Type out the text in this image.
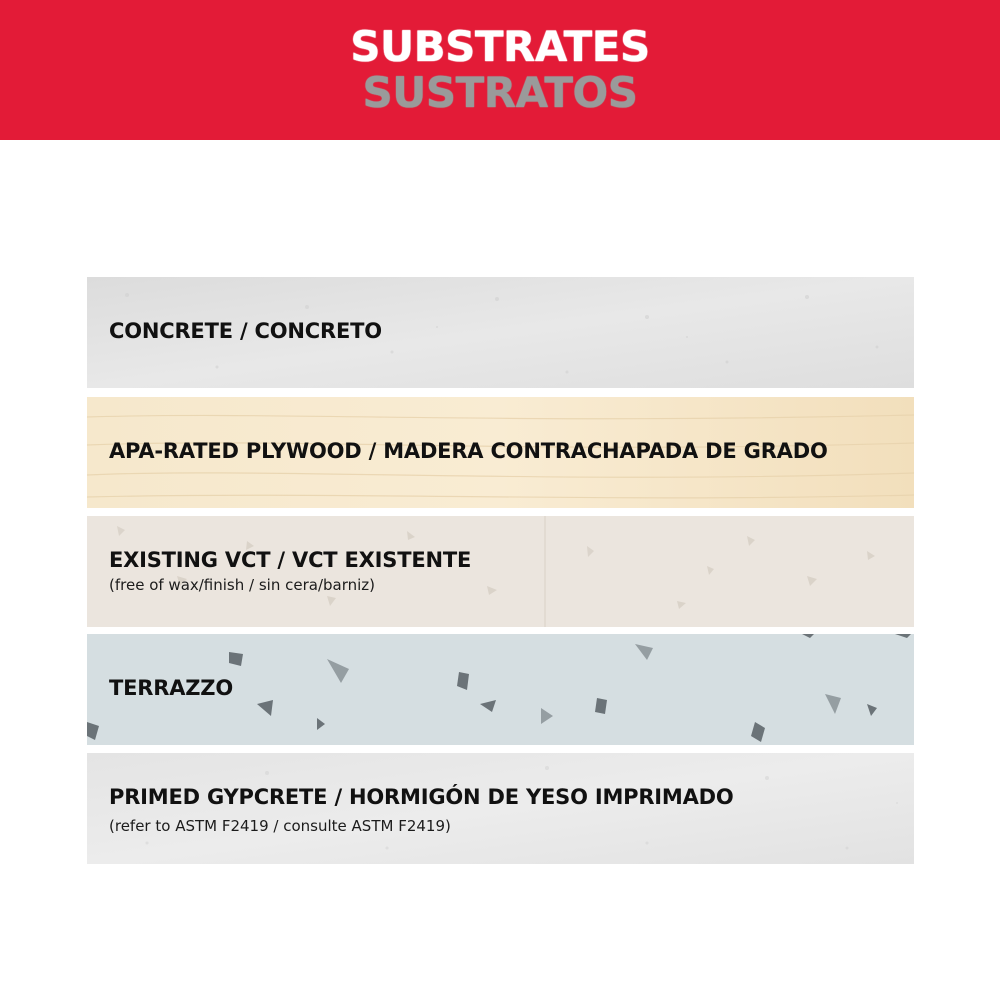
SUBSTRATES
SUSTRATOS
CONCRETE / CONCRETO
APA-RATED PLYWOOD / MADERA CONTRACHAPADA DE GRADO
EXISTING VCT / VCT EXISTENTE
(free of wax/finish / sin cera/barniz)
TERRAZZO
PRIMED GYPCRETE / HORMIGÓN DE YESO IMPRIMADO
(refer to ASTM F2419 / consulte ASTM F2419)
